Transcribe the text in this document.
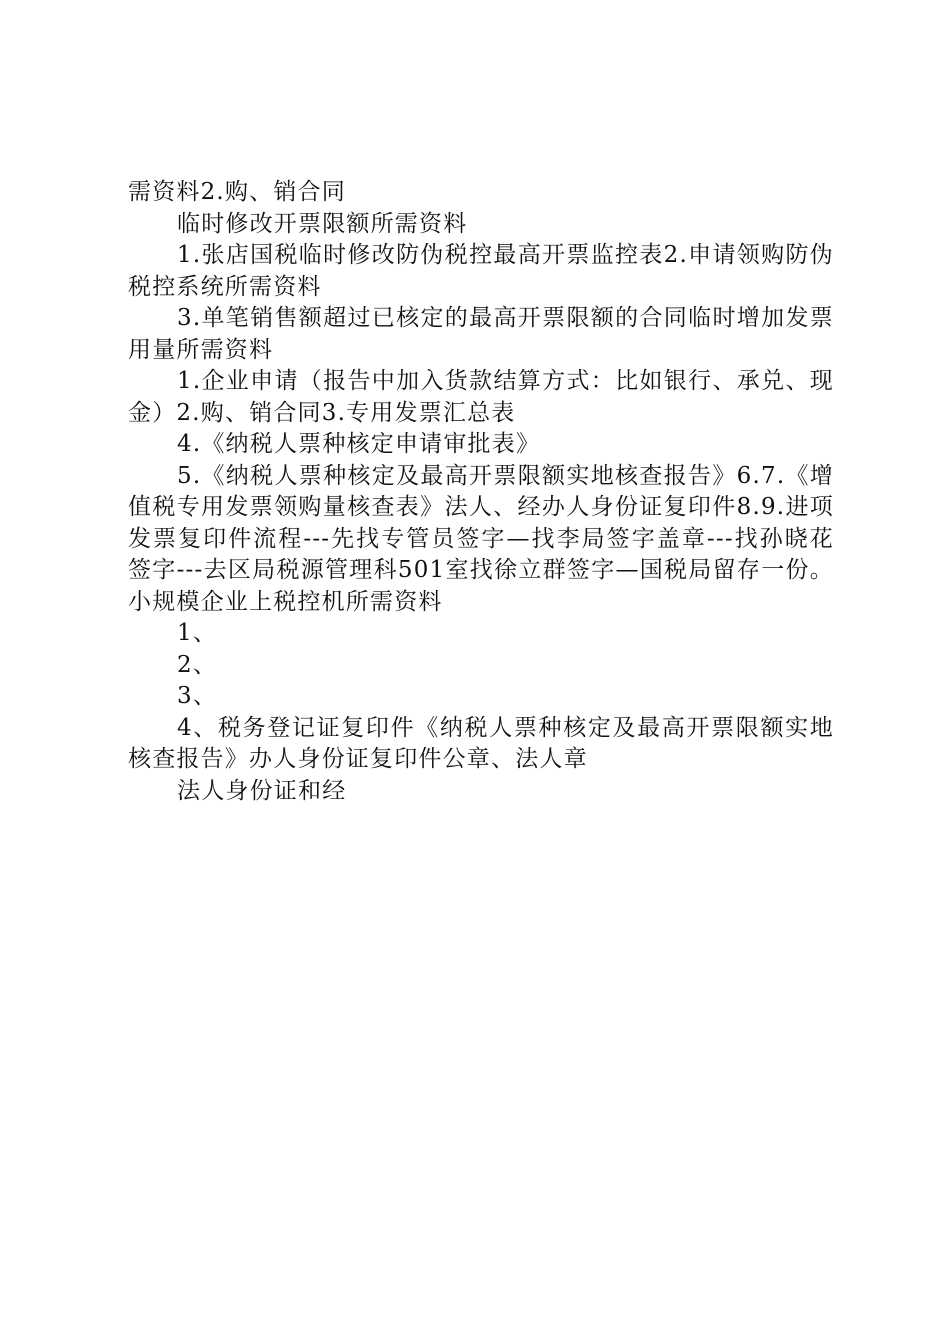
需资料2.购、销合同

临时修改开票限额所需资料

1.张店国税临时修改防伪税控最高开票监控表2.申请领购防伪税控系统所需资料

3.单笔销售额超过已核定的最高开票限额的合同临时增加发票用量所需资料

1.企业申请（报告中加入货款结算方式：比如银行、承兑、现金）2.购、销合同3.专用发票汇总表

4.《纳税人票种核定申请审批表》

5.《纳税人票种核定及最高开票限额实地核查报告》6.7.《增值税专用发票领购量核查表》法人、经办人身份证复印件8.9.进项发票复印件流程---先找专管员签字—找李局签字盖章---找孙晓花签字---去区局税源管理科501室找徐立群签字—国税局留存一份。小规模企业上税控机所需资料

1、

2、

3、

4、税务登记证复印件《纳税人票种核定及最高开票限额实地核查报告》办人身份证复印件公章、法人章

法人身份证和经
